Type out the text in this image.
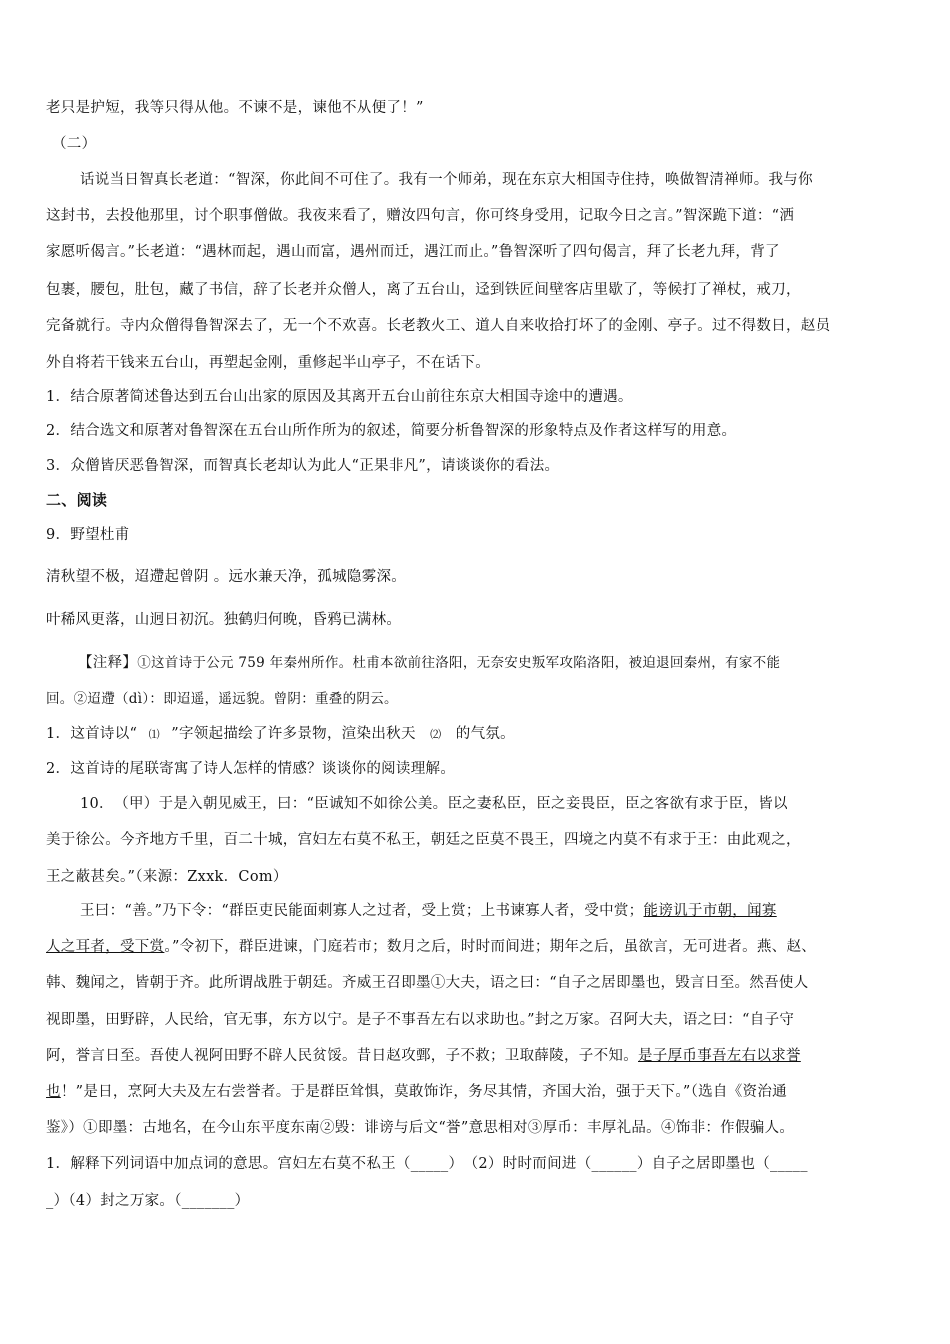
老只是护短，我等只得从他。不谏不是，谏他不从便了！”
（二）
话说当日智真长老道：“智深，你此间不可住了。我有一个师弟，现在东京大相国寺住持，唤做智清禅师。我与你
这封书，去投他那里，讨个职事僧做。我夜来看了，赠汝四句言，你可终身受用，记取今日之言。”智深跪下道：“洒
家愿听偈言。”长老道：“遇林而起，遇山而富，遇州而迁，遇江而止。”鲁智深听了四句偈言，拜了长老九拜，背了
包裹，腰包，肚包，藏了书信，辞了长老并众僧人，离了五台山，迳到铁匠间壁客店里歇了，等候打了禅杖，戒刀，
完备就行。寺内众僧得鲁智深去了，无一个不欢喜。长老教火工、道人自来收拾打坏了的金刚、亭子。过不得数日，赵员
外自将若干钱来五台山，再塑起金刚，重修起半山亭子，不在话下。
1．结合原著简述鲁达到五台山出家的原因及其离开五台山前往东京大相国寺途中的遭遇。
2．结合选文和原著对鲁智深在五台山所作所为的叙述，简要分析鲁智深的形象特点及作者这样写的用意。
3．众僧皆厌恶鲁智深，而智真长老却认为此人“正果非凡”，请谈谈你的看法。
二、阅读
9．野望杜甫
清秋望不极，迢遰起曾阴 。远水兼天净，孤城隐雾深。
叶稀风更落，山迥日初沉。独鹤归何晚，昏鸦已满林。
【注释】①这首诗于公元 759 年秦州所作。杜甫本欲前往洛阳，无奈安史叛军攻陷洛阳，被迫退回秦州，有家不能
回。②迢遰（dì）：即迢遥，遥远貌。曾阴：重叠的阴云。
1．这首诗以“ ⑴ ”字领起描绘了许多景物，渲染出秋天 ⑵ 的气氛。
2．这首诗的尾联寄寓了诗人怎样的情感？谈谈你的阅读理解。
10．　（甲）于是入朝见威王，曰：“臣诚知不如徐公美。臣之妻私臣，臣之妾畏臣，臣之客欲有求于臣，皆以
美于徐公。今齐地方千里，百二十城，宫妇左右莫不私王，朝廷之臣莫不畏王，四境之内莫不有求于王：由此观之，
王之蔽甚矣。”（来源：Zxxk．Com）
王曰：“善。”乃下令：“群臣吏民能面刺寡人之过者，受上赏；上书谏寡人者，受中赏；能谤讥于市朝，闻寡
人之耳者，受下赏。”令初下，群臣进谏，门庭若市；数月之后，时时而间进；期年之后，虽欲言，无可进者。燕、赵、
韩、魏闻之，皆朝于齐。此所谓战胜于朝廷。齐威王召即墨①大夫，语之曰：“自子之居即墨也，毁言日至。然吾使人
视即墨，田野辟，人民给，官无事，东方以宁。是子不事吾左右以求助也。”封之万家。召阿大夫，语之曰：“自子守
阿，誉言日至。吾使人视阿田野不辟人民贫馁。昔日赵攻鄄，子不救；卫取薛陵，子不知。是子厚币事吾左右以求誉
也！”是日，烹阿大夫及左右尝誉者。于是群臣耸惧，莫敢饰诈，务尽其情，齐国大治，强于天下。”（选自《资治通
鉴》）①即墨：古地名，在今山东平度东南②毁：诽谤与后文“誉”意思相对③厚币：丰厚礼品。④饰非：作假骗人。
1．解释下列词语中加点词的意思。宫妇左右莫不私王（_____）　（2）时时而间进（______）自子之居即墨也（_____
_）（4）封之万家。（_______）
